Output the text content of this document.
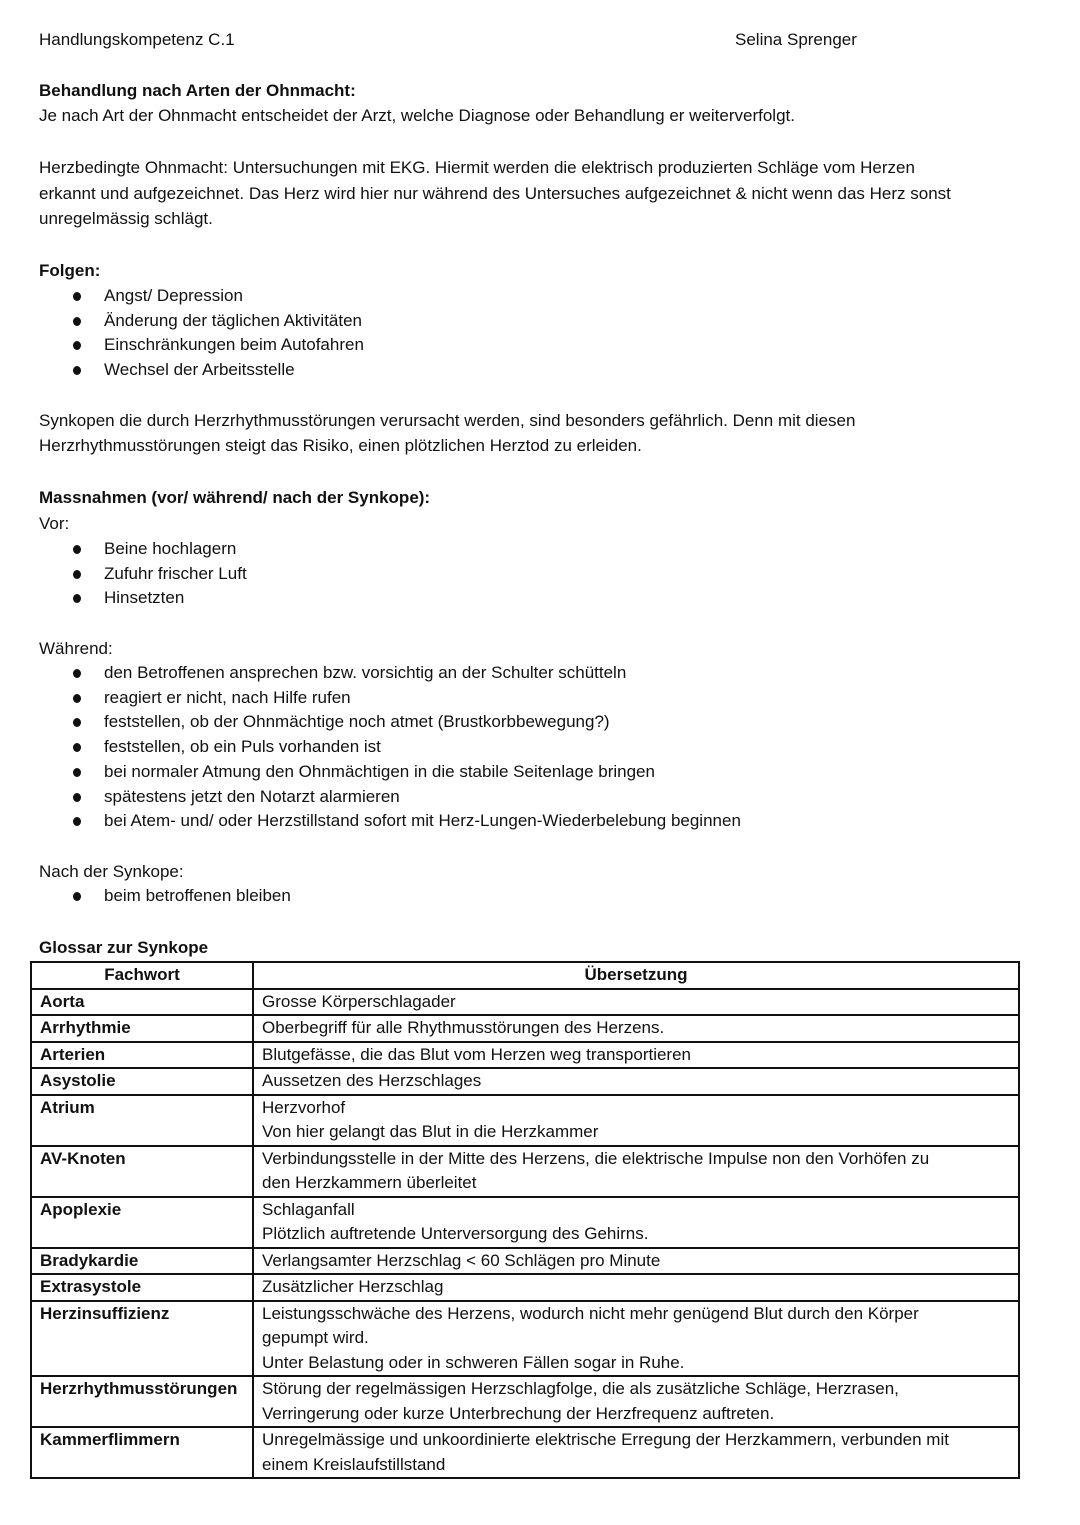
Handlungskompetenz C.1	Selina Sprenger
Behandlung nach Arten der Ohnmacht:
Je nach Art der Ohnmacht entscheidet der Arzt, welche Diagnose oder Behandlung er weiterverfolgt.
Herzbedingte Ohnmacht: Untersuchungen mit EKG. Hiermit werden die elektrisch produzierten Schläge vom Herzen
erkannt und aufgezeichnet. Das Herz wird hier nur während des Untersuches aufgezeichnet & nicht wenn das Herz sonst
unregelmässig schlägt.
Folgen:
Angst/ Depression
Änderung der täglichen Aktivitäten
Einschränkungen beim Autofahren
Wechsel der Arbeitsstelle
Synkopen die durch Herzrhythmusstörungen verursacht werden, sind besonders gefährlich. Denn mit diesen
Herzrhythmusstörungen steigt das Risiko, einen plötzlichen Herztod zu erleiden.
Massnahmen (vor/ während/ nach der Synkope):
Vor:
Beine hochlagern
Zufuhr frischer Luft
Hinsetzten
Während:
den Betroffenen ansprechen bzw. vorsichtig an der Schulter schütteln
reagiert er nicht, nach Hilfe rufen
feststellen, ob der Ohnmächtige noch atmet (Brustkorbbewegung?)
feststellen, ob ein Puls vorhanden ist
bei normaler Atmung den Ohnmächtigen in die stabile Seitenlage bringen
spätestens jetzt den Notarzt alarmieren
bei Atem- und/ oder Herzstillstand sofort mit Herz-Lungen-Wiederbelebung beginnen
Nach der Synkope:
beim betroffenen bleiben
Glossar zur Synkope
Fachwort	Übersetzung
Aorta	Grosse Körperschlagader

Arrhythmie	Oberbegriff für alle Rhythmusstörungen des Herzens.

Arterien	Blutgefässe, die das Blut vom Herzen weg transportieren

Asystolie	Aussetzen des Herzschlages

Atrium	Herzvorhof
Von hier gelangt das Blut in die Herzkammer

AV-Knoten	Verbindungsstelle in der Mitte des Herzens, die elektrische Impulse non den Vorhöfen zu
den Herzkammern überleitet

Apoplexie	Schlaganfall
Plötzlich auftretende Unterversorgung des Gehirns.

Bradykardie	Verlangsamter Herzschlag < 60 Schlägen pro Minute

Extrasystole	Zusätzlicher Herzschlag

Herzinsuffizienz	Leistungsschwäche des Herzens, wodurch nicht mehr genügend Blut durch den Körper
gepumpt wird.
Unter Belastung oder in schweren Fällen sogar in Ruhe.

Herzrhythmusstörungen	Störung der regelmässigen Herzschlagfolge, die als zusätzliche Schläge, Herzrasen,
Verringerung oder kurze Unterbrechung der Herzfrequenz auftreten.

Kammerflimmern	Unregelmässige und unkoordinierte elektrische Erregung der Herzkammern, verbunden mit
einem Kreislaufstillstand
